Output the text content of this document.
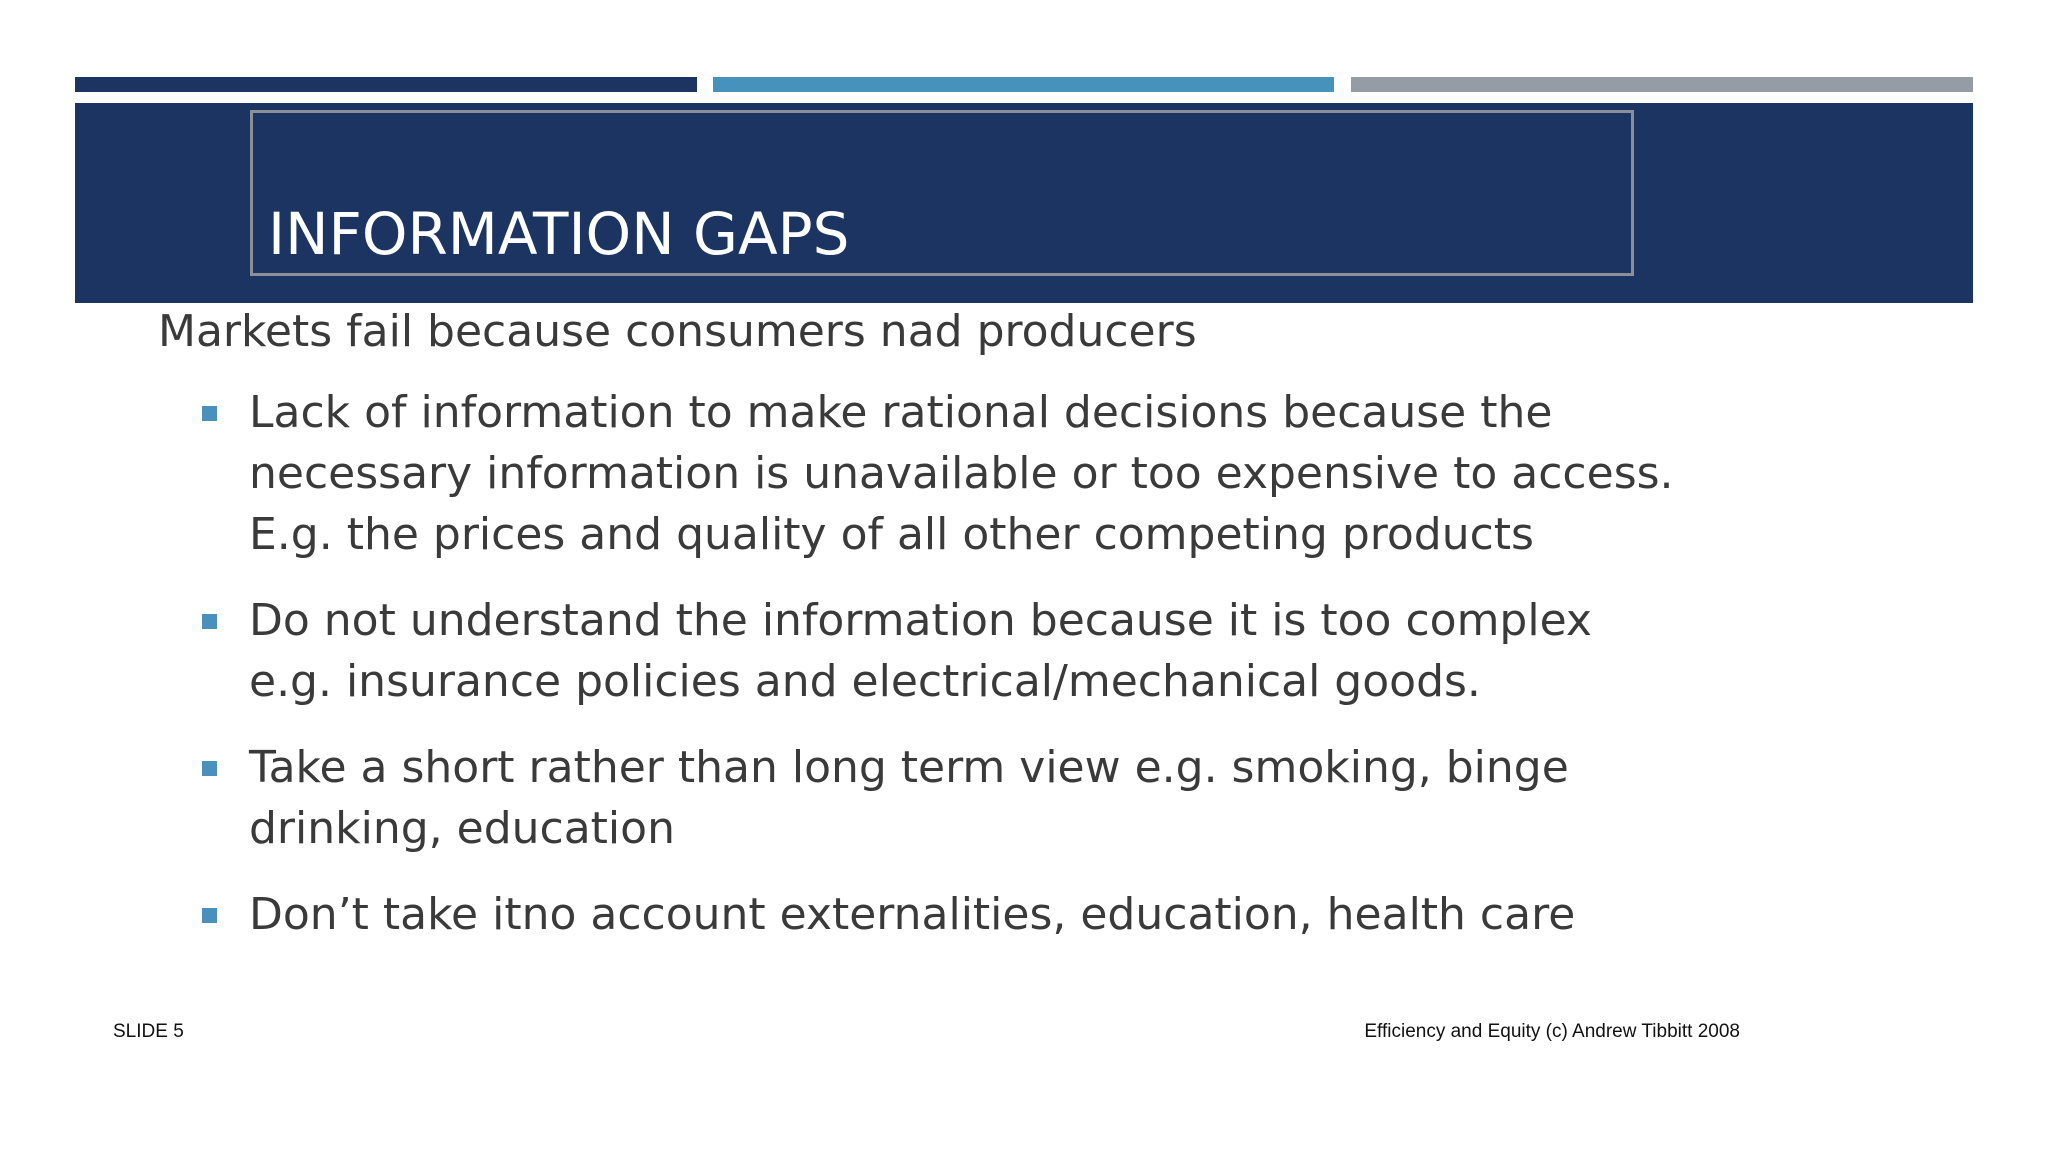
INFORMATION GAPS

Markets fail because consumers nad producers

Lack of information to make rational decisions because the
necessary information is unavailable or too expensive to access.
E.g. the prices and quality of all other competing products
Do not understand the information because it is too complex
e.g. insurance policies and electrical/mechanical goods.
Take a short rather than long term view e.g. smoking, binge
drinking, education
Don’t take itno account externalities, education, health care
SLIDE 5	Efficiency and Equity (c) Andrew Tibbitt 2008
